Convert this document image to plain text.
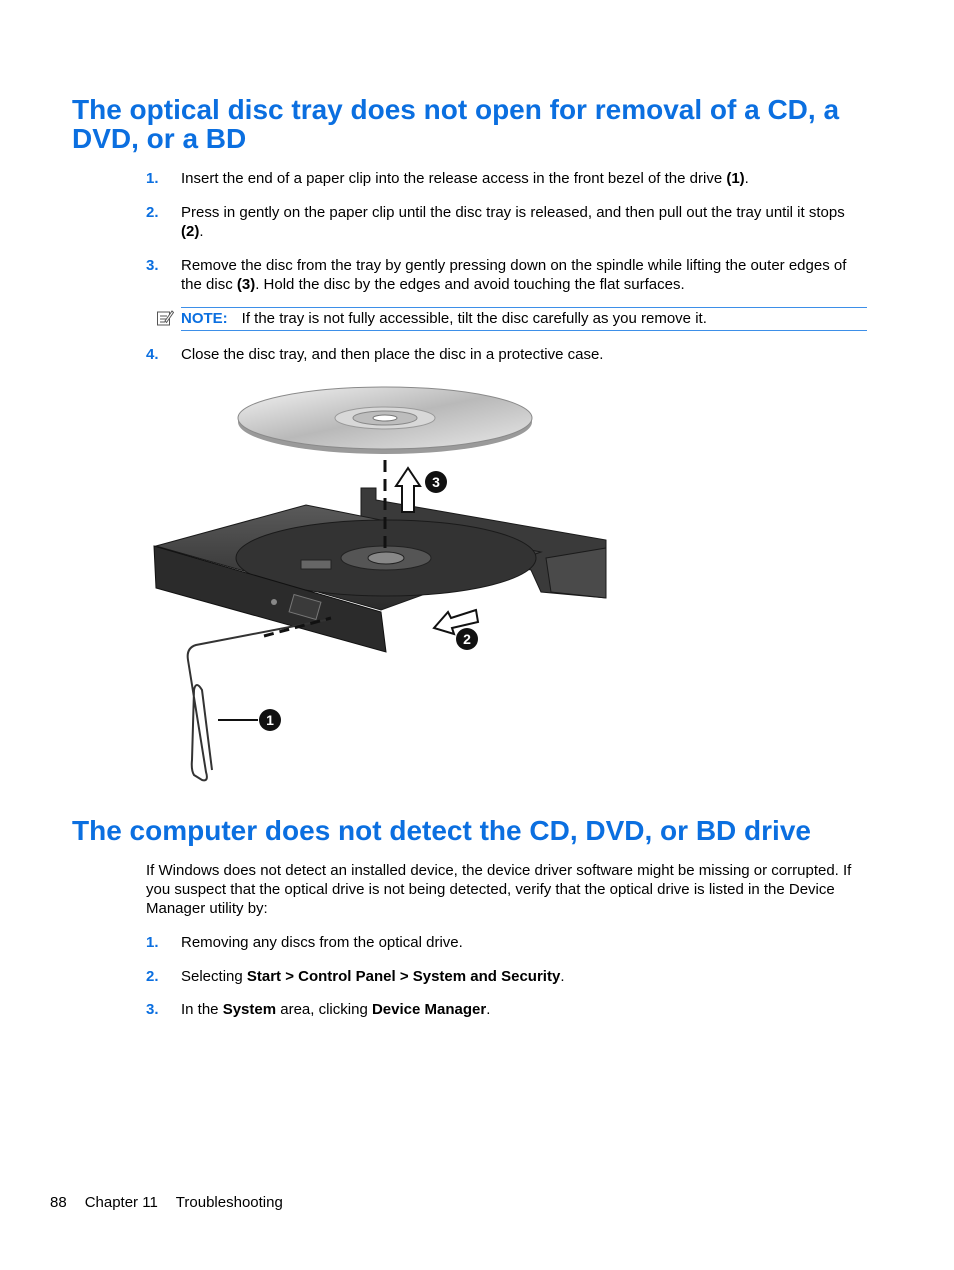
The optical disc tray does not open for removal of a CD, a DVD, or a BD
1.	Insert the end of a paper clip into the release access in the front bezel of the drive (1).
2.	Press in gently on the paper clip until the disc tray is released, and then pull out the tray until it stops (2).
3.	Remove the disc from the tray by gently pressing down on the spindle while lifting the outer edges of the disc (3). Hold the disc by the edges and avoid touching the flat surfaces.
NOTE: If the tray is not fully accessible, tilt the disc carefully as you remove it.
4.	Close the disc tray, and then place the disc in a protective case.
1
2
3
The computer does not detect the CD, DVD, or BD drive

If Windows does not detect an installed device, the device driver software might be missing or corrupted. If you suspect that the optical drive is not being detected, verify that the optical drive is listed in the Device Manager utility by:

1.	Removing any discs from the optical drive.
2.	Selecting Start > Control Panel > System and Security.
3.	In the System area, clicking Device Manager.
88 Chapter 11 Troubleshooting
